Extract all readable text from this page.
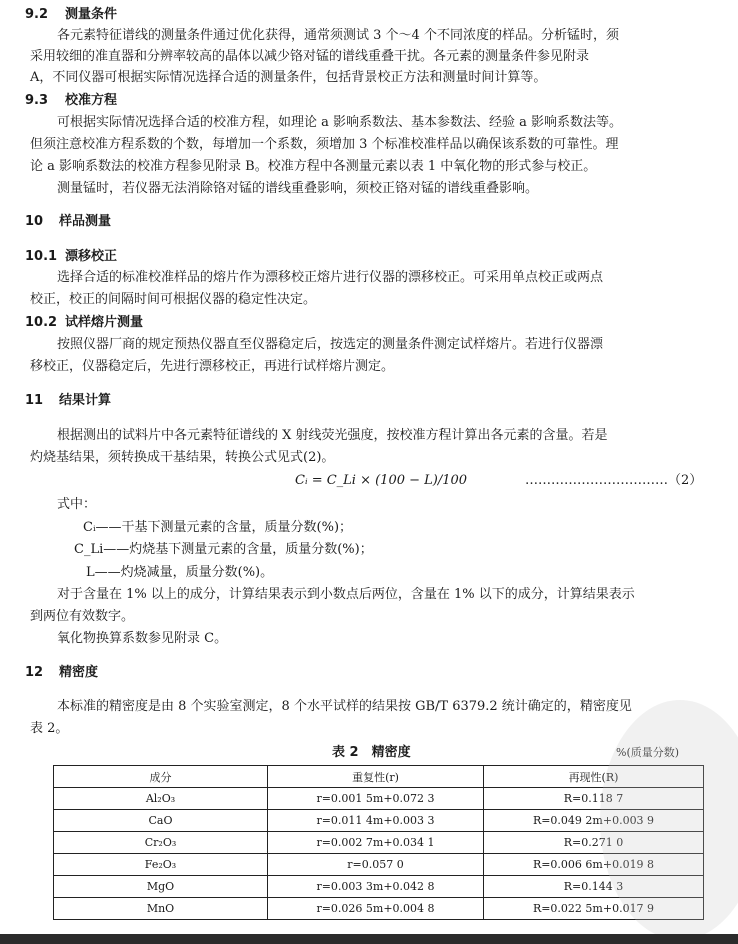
9.2 测量条件
各元素特征谱线的测量条件通过优化获得，通常须测试 3 个～4 个不同浓度的样品。分析锰时，须
采用较细的准直器和分辨率较高的晶体以减少铬对锰的谱线重叠干扰。各元素的测量条件参见附录
A，不同仪器可根据实际情况选择合适的测量条件，包括背景校正方法和测量时间计算等。
9.3 校准方程
可根据实际情况选择合适的校准方程，如理论 a 影响系数法、基本参数法、经验 a 影响系数法等。
但须注意校准方程系数的个数，每增加一个系数，须增加 3 个标准校准样品以确保该系数的可靠性。理
论 a 影响系数法的校准方程参见附录 B。校准方程中各测量元素以表 1 中氧化物的形式参与校正。
测量锰时，若仪器无法消除铬对锰的谱线重叠影响，须校正铬对锰的谱线重叠影响。
10 样品测量
10.1 漂移校正
选择合适的标准校准样品的熔片作为漂移校正熔片进行仪器的漂移校正。可采用单点校正或两点
校正，校正的间隔时间可根据仪器的稳定性决定。
10.2 试样熔片测量
按照仪器厂商的规定预热仪器直至仪器稳定后，按选定的测量条件测定试样熔片。若进行仪器漂
移校正，仪器稳定后，先进行漂移校正，再进行试样熔片测定。
11 结果计算
根据测出的试料片中各元素特征谱线的 X 射线荧光强度，按校准方程计算出各元素的含量。若是
灼烧基结果，须转换成干基结果，转换公式见式(2)。
Cᵢ = C_Li × (100 − L)/100	……………………………（2）
式中：
Cᵢ——干基下测量元素的含量，质量分数(%)；
C_Li——灼烧基下测量元素的含量，质量分数(%)；
L——灼烧减量，质量分数(%)。
对于含量在 1% 以上的成分，计算结果表示到小数点后两位，含量在 1% 以下的成分，计算结果表示
到两位有效数字。
氧化物换算系数参见附录 C。
12 精密度
本标准的精密度是由 8 个实验室测定，8 个水平试样的结果按 GB/T 6379.2 统计确定的，精密度见
表 2。
表 2　精密度	%(质量分数)
成分	重复性(r)	再现性(R)
Al₂O₃	r=0.001 5m+0.072 3	R=0.118 7
CaO	r=0.011 4m+0.003 3	R=0.049 2m+0.003 9
Cr₂O₃	r=0.002 7m+0.034 1	R=0.271 0
Fe₂O₃	r=0.057 0	R=0.006 6m+0.019 8
MgO	r=0.003 3m+0.042 8	R=0.144 3
MnO	r=0.026 5m+0.004 8	R=0.022 5m+0.017 9
